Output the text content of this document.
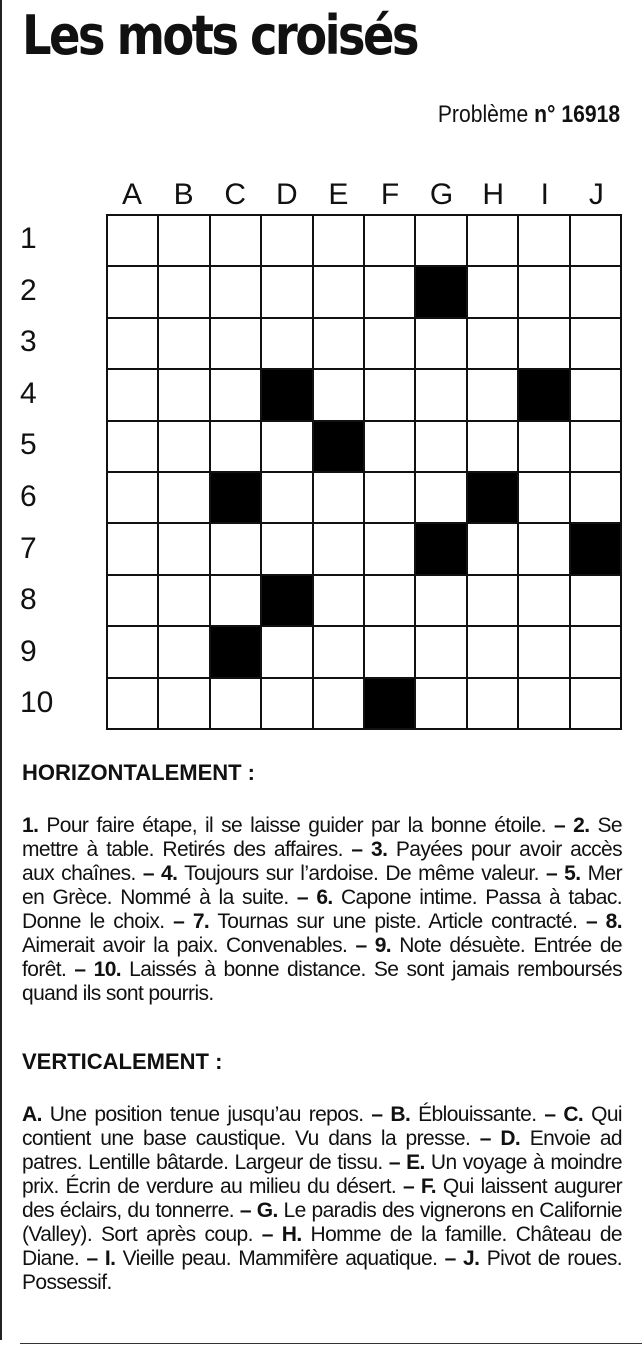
Les mots croisés
Problème n° 16918
A	B	C D	E	F	G H	I	J
1
2
3
4
5
6
7
8
9
10
HORIZONTALEMENT :
1. Pour faire étape, il se laisse guider par la bonne étoile. – 2. Se mettre à table. Retirés des affaires. – 3. Payées pour avoir accès aux chaînes. – 4. Toujours sur l’ardoise. De même valeur. – 5. Mer en Grèce. Nommé à la suite. – 6. Capone intime. Passa à tabac. Donne le choix. – 7. Tournas sur une piste. Article contracté. – 8. Aimerait avoir la paix. Convenables. – 9. Note désuète. Entrée de forêt. – 10. Laissés à bonne distance. Se sont jamais remboursés quand ils sont pourris.
VERTICALEMENT :
A. Une position tenue jusqu’au repos. – B. Éblouissante. – C. Qui contient une base caustique. Vu dans la presse. – D. Envoie ad patres. Lentille bâtarde. Largeur de tissu. – E. Un voyage à moindre prix. Écrin de verdure au milieu du désert. – F. Qui laissent augurer des éclairs, du tonnerre. – G. Le paradis des vignerons en Californie (Valley). Sort après coup. – H. Homme de la famille. Château de Diane. – I. Vieille peau. Mammifère aquatique. – J. Pivot de roues. Possessif.
